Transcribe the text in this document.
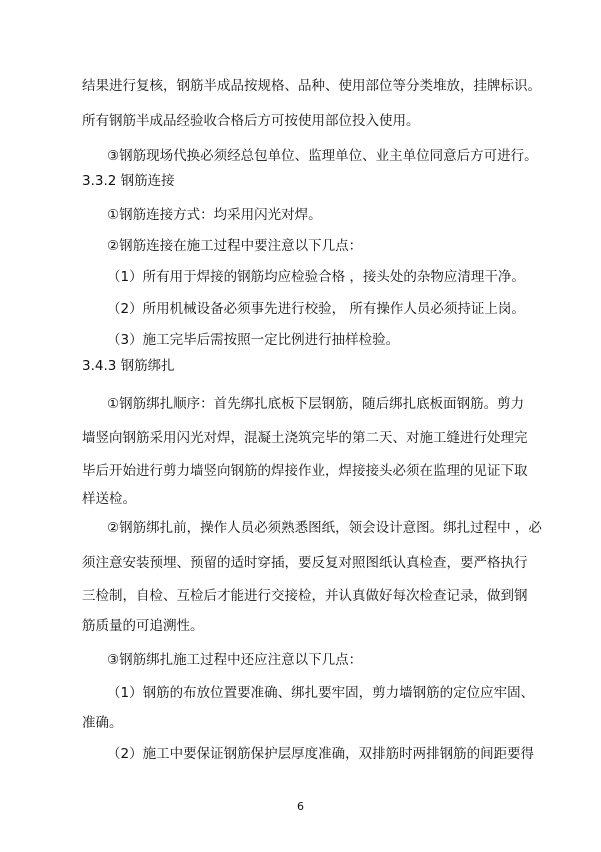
结果进行复核，钢筋半成品按规格、品种、使用部位等分类堆放，挂牌标识。
所有钢筋半成品经验收合格后方可按使用部位投入使用。
③钢筋现场代换必须经总包单位、监理单位、业主单位同意后方可进行。
3.3.2 钢筋连接
①钢筋连接方式：均采用闪光对焊。
②钢筋连接在施工过程中要注意以下几点：
（1）所有用于焊接的钢筋均应检验合格 ，接头处的杂物应清理干净。
（2）所用机械设备必须事先进行校验， 所有操作人员必须持证上岗。
（3）施工完毕后需按照一定比例进行抽样检验。
3.4.3 钢筋绑扎
①钢筋绑扎顺序：首先绑扎底板下层钢筋，随后绑扎底板面钢筋。剪力
墙竖向钢筋采用闪光对焊，混凝土浇筑完毕的第二天、对施工缝进行处理完
毕后开始进行剪力墙竖向钢筋的焊接作业，焊接接头必须在监理的见证下取
样送检。
②钢筋绑扎前，操作人员必须熟悉图纸，领会设计意图。绑扎过程中 ，必
须注意安装预埋、预留的适时穿插，要反复对照图纸认真检查，要严格执行
三检制，自检、互检后才能进行交接检，并认真做好每次检查记录，做到钢
筋质量的可追溯性。
③钢筋绑扎施工过程中还应注意以下几点：
（1）钢筋的布放位置要准确、绑扎要牢固，剪力墙钢筋的定位应牢固、
准确。
（2）施工中要保证钢筋保护层厚度准确，双排筋时两排钢筋的间距要得
6
